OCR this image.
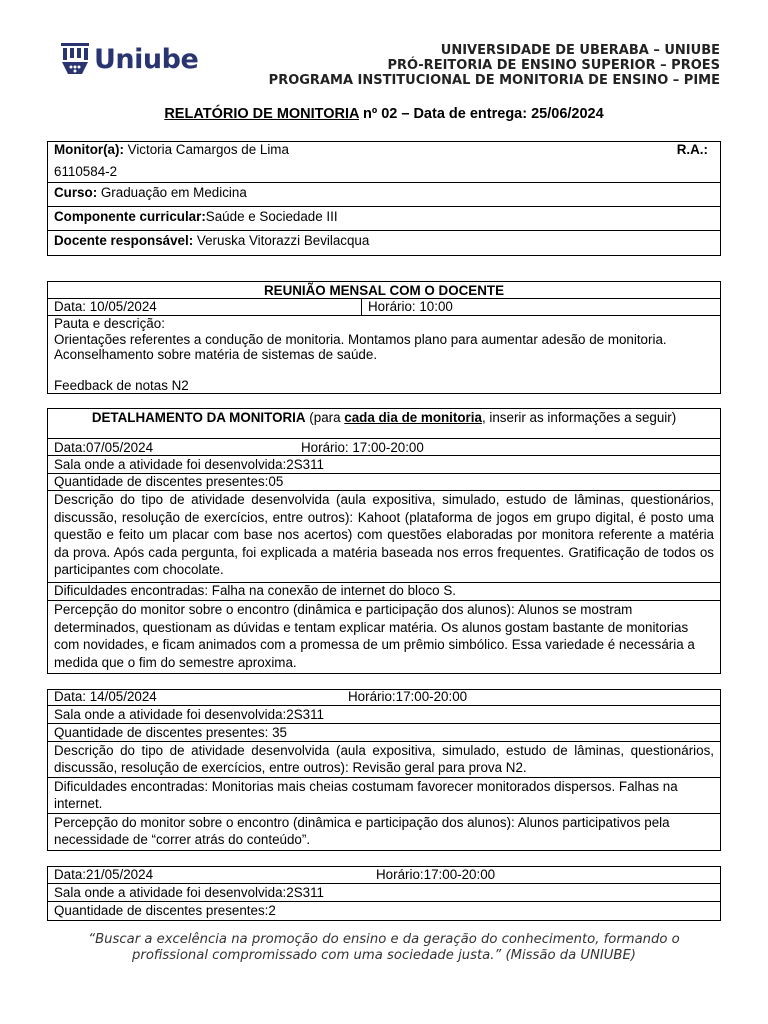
Uniube	UNIVERSIDADE DE UBERABA – UNIUBE
PRÓ-REITORIA DE ENSINO SUPERIOR – PROES
PROGRAMA INSTITUCIONAL DE MONITORIA DE ENSINO – PIME
RELATÓRIO DE MONITORIA nº 02 – Data de entrega: 25/06/2024
Monitor(a): Victoria Camargos de Lima	R.A.:
6110584-2
Curso: Graduação em Medicina
Componente curricular:Saúde e Sociedade III
Docente responsável: Veruska Vitorazzi Bevilacqua
REUNIÃO MENSAL COM O DOCENTE
Data: 10/05/2024	Horário: 10:00
Pauta e descrição:
Orientações referentes a condução de monitoria. Montamos plano para aumentar adesão de monitoria.
Aconselhamento sobre matéria de sistemas de saúde.
Feedback de notas N2
DETALHAMENTO DA MONITORIA (para cada dia de monitoria, inserir as informações a seguir)
Data:07/05/2024	Horário: 17:00-20:00
Sala onde a atividade foi desenvolvida:2S311
Quantidade de discentes presentes:05
Descrição do tipo de atividade desenvolvida (aula expositiva, simulado, estudo de lâminas, questionários, discussão, resolução de exercícios, entre outros): Kahoot (plataforma de jogos em grupo digital, é posto uma questão e feito um placar com base nos acertos) com questões elaboradas por monitora referente a matéria da prova. Após cada pergunta, foi explicada a matéria baseada nos erros frequentes. Gratificação de todos os participantes com chocolate.
Dificuldades encontradas: Falha na conexão de internet do bloco S.
Percepção do monitor sobre o encontro (dinâmica e participação dos alunos): Alunos se mostram determinados, questionam as dúvidas e tentam explicar matéria. Os alunos gostam bastante de monitorias com novidades, e ficam animados com a promessa de um prêmio simbólico. Essa variedade é necessária a medida que o fim do semestre aproxima.
Data: 14/05/2024	Horário:17:00-20:00
Sala onde a atividade foi desenvolvida:2S311
Quantidade de discentes presentes: 35
Descrição do tipo de atividade desenvolvida (aula expositiva, simulado, estudo de lâminas, questionários, discussão, resolução de exercícios, entre outros): Revisão geral para prova N2.
Dificuldades encontradas: Monitorias mais cheias costumam favorecer monitorados dispersos. Falhas na internet.
Percepção do monitor sobre o encontro (dinâmica e participação dos alunos): Alunos participativos pela necessidade de “correr atrás do conteúdo”.
Data:21/05/2024	Horário:17:00-20:00
Sala onde a atividade foi desenvolvida:2S311
Quantidade de discentes presentes:2
“Buscar a excelência na promoção do ensino e da geração do conhecimento, formando o
profissional compromissado com uma sociedade justa.” (Missão da UNIUBE)
